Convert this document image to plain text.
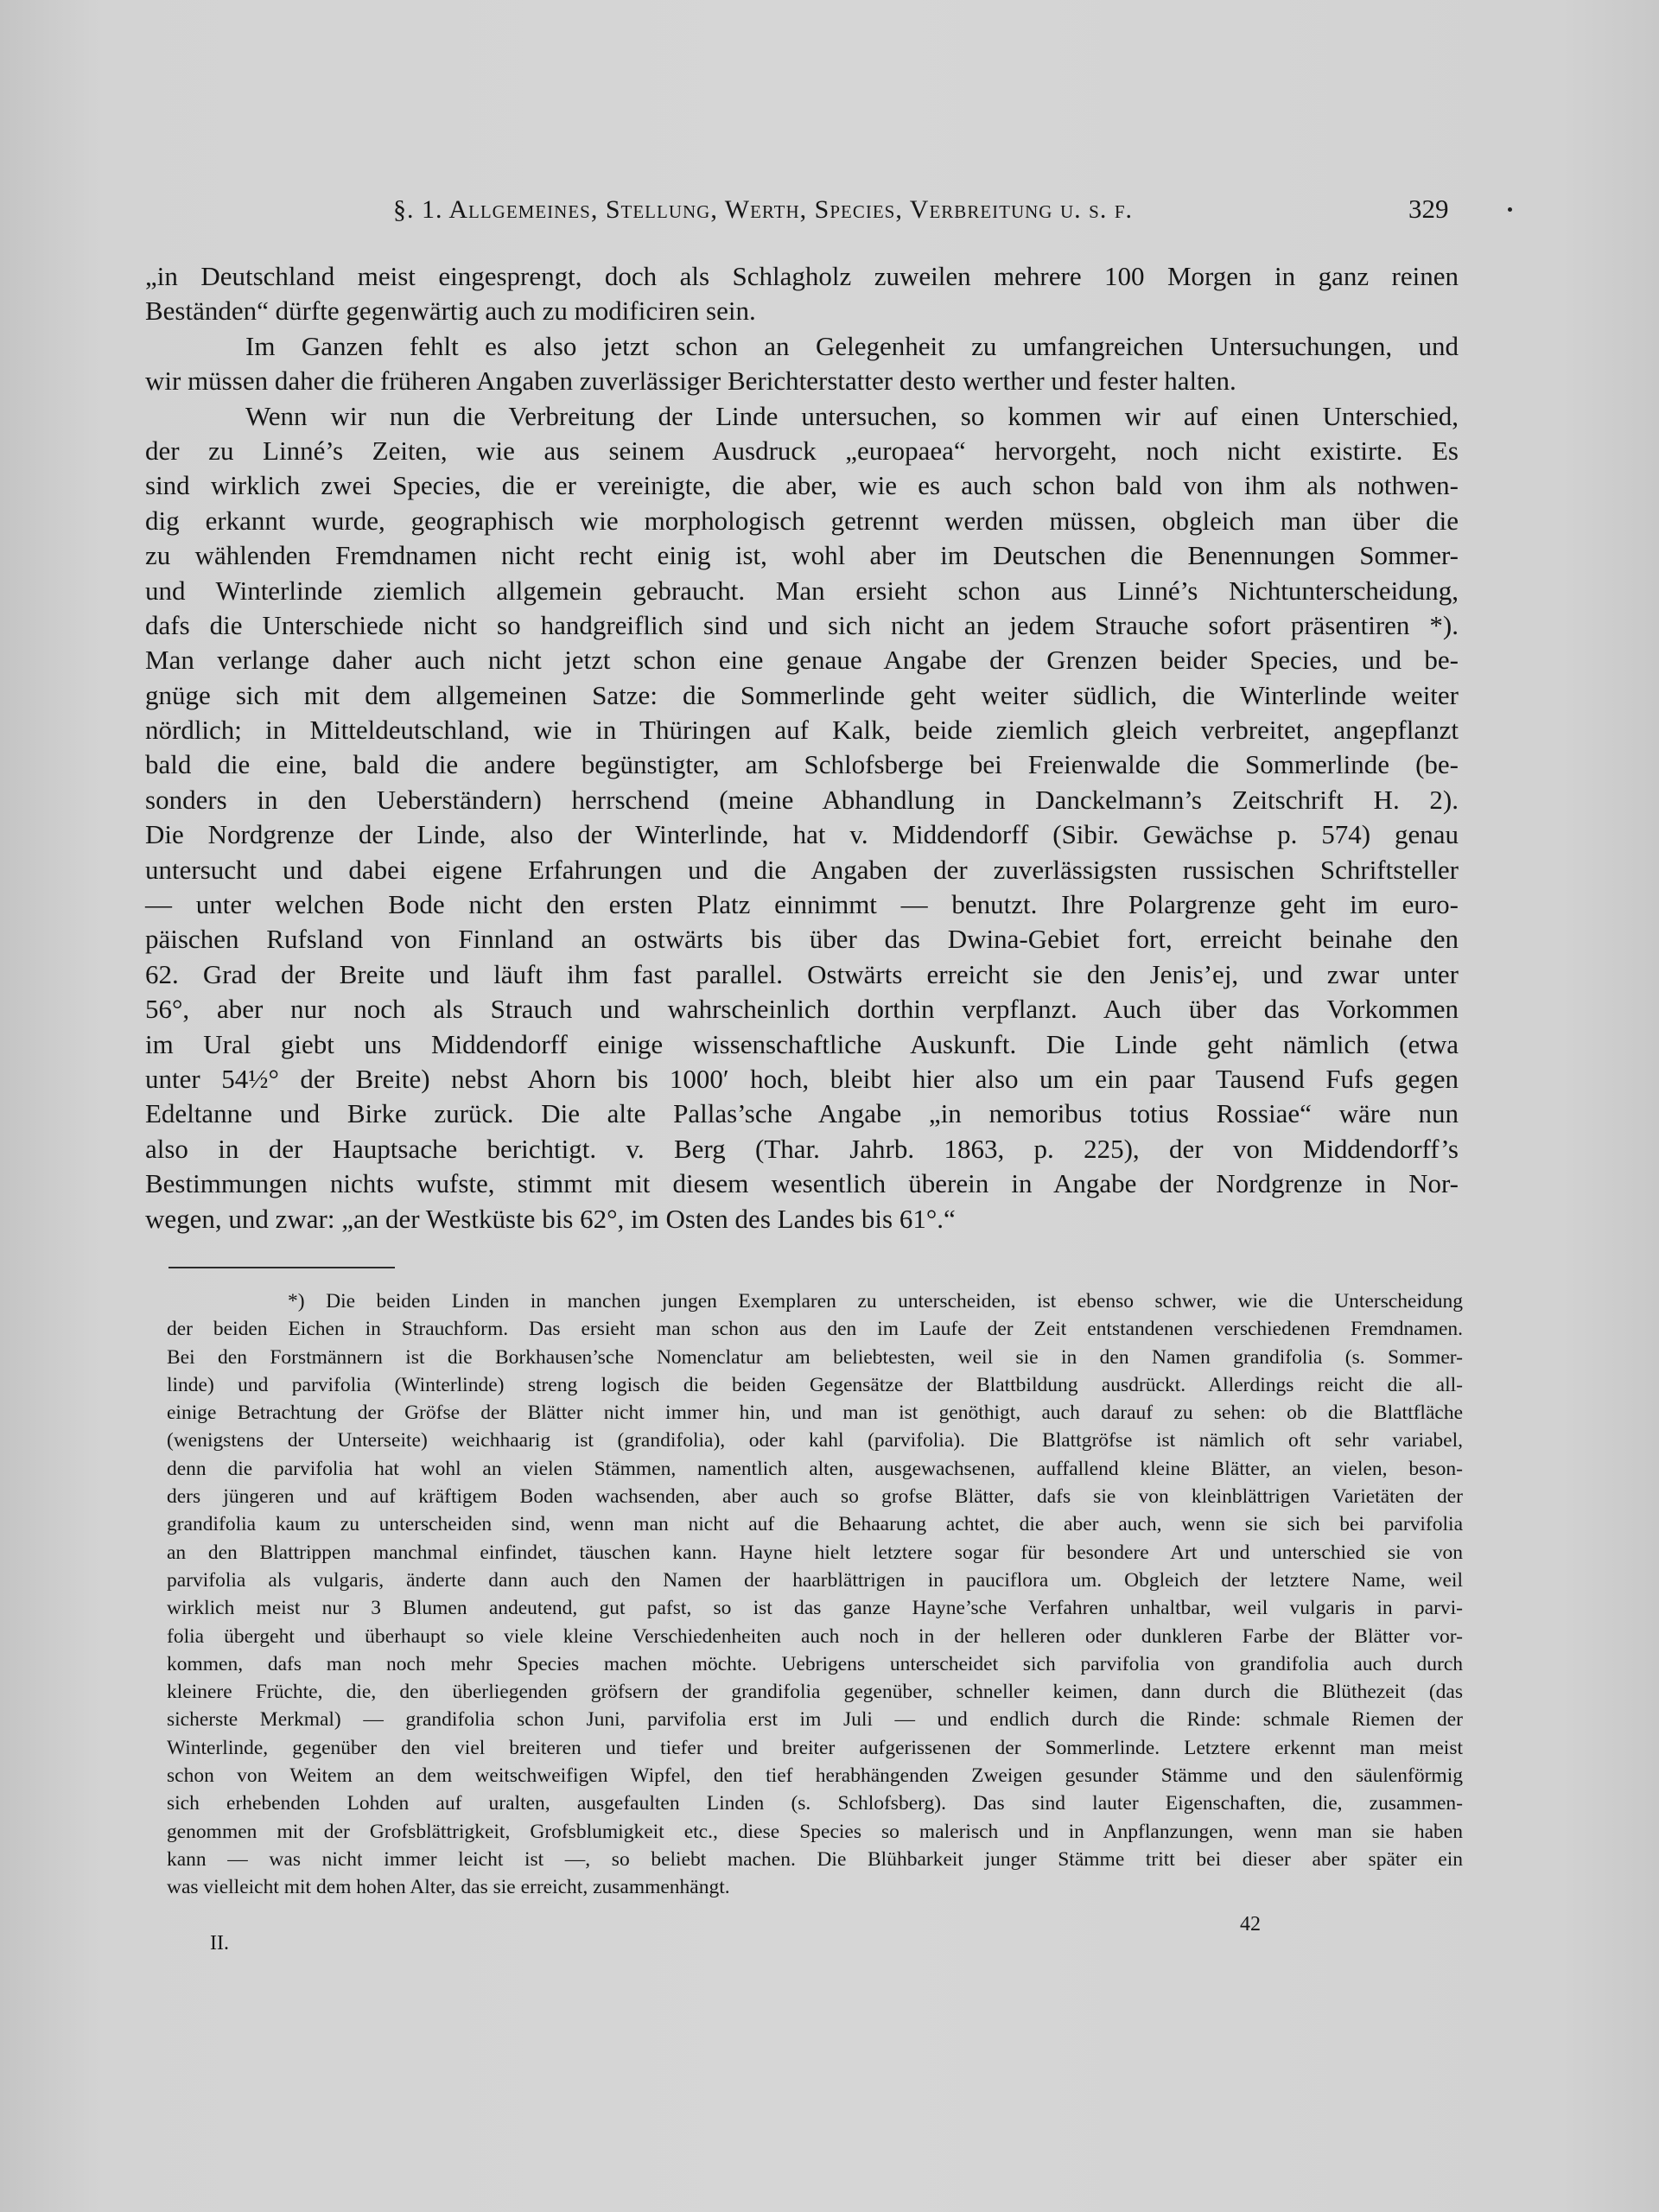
§. 1. Allgemeines, Stellung, Werth, Species, Verbreitung u. s. f.	329
„in Deutschland meist eingesprengt, doch als Schlagholz zuweilen mehrere 100 Morgen in ganz reinen
Beständen“ dürfte gegenwärtig auch zu modificiren sein.
Im Ganzen fehlt es also jetzt schon an Gelegenheit zu umfangreichen Untersuchungen, und
wir müssen daher die früheren Angaben zuverlässiger Berichterstatter desto werther und fester halten.
Wenn wir nun die Verbreitung der Linde untersuchen, so kommen wir auf einen Unterschied,
der zu Linné’s Zeiten, wie aus seinem Ausdruck „europaea“ hervorgeht, noch nicht existirte. Es
sind wirklich zwei Species, die er vereinigte, die aber, wie es auch schon bald von ihm als nothwen-
dig erkannt wurde, geographisch wie morphologisch getrennt werden müssen, obgleich man über die
zu wählenden Fremdnamen nicht recht einig ist, wohl aber im Deutschen die Benennungen Sommer-
und Winterlinde ziemlich allgemein gebraucht. Man ersieht schon aus Linné’s Nichtunterscheidung,
dafs die Unterschiede nicht so handgreiflich sind und sich nicht an jedem Strauche sofort präsentiren *).
Man verlange daher auch nicht jetzt schon eine genaue Angabe der Grenzen beider Species, und be-
gnüge sich mit dem allgemeinen Satze: die Sommerlinde geht weiter südlich, die Winterlinde weiter
nördlich; in Mitteldeutschland, wie in Thüringen auf Kalk, beide ziemlich gleich verbreitet, angepflanzt
bald die eine, bald die andere begünstigter, am Schlofsberge bei Freienwalde die Sommerlinde (be-
sonders in den Ueberständern) herrschend (meine Abhandlung in Danckelmann’s Zeitschrift H. 2).
Die Nordgrenze der Linde, also der Winterlinde, hat v. Middendorff (Sibir. Gewächse p. 574) genau
untersucht und dabei eigene Erfahrungen und die Angaben der zuverlässigsten russischen Schriftsteller
— unter welchen Bode nicht den ersten Platz einnimmt — benutzt. Ihre Polargrenze geht im euro-
päischen Rufsland von Finnland an ostwärts bis über das Dwina-Gebiet fort, erreicht beinahe den
62. Grad der Breite und läuft ihm fast parallel. Ostwärts erreicht sie den Jenis’ej, und zwar unter
56°, aber nur noch als Strauch und wahrscheinlich dorthin verpflanzt. Auch über das Vorkommen
im Ural giebt uns Middendorff einige wissenschaftliche Auskunft. Die Linde geht nämlich (etwa
unter 54½° der Breite) nebst Ahorn bis 1000′ hoch, bleibt hier also um ein paar Tausend Fufs gegen
Edeltanne und Birke zurück. Die alte Pallas’sche Angabe „in nemoribus totius Rossiae“ wäre nun
also in der Hauptsache berichtigt. v. Berg (Thar. Jahrb. 1863, p. 225), der von Middendorff’s
Bestimmungen nichts wufste, stimmt mit diesem wesentlich überein in Angabe der Nordgrenze in Nor-
wegen, und zwar: „an der Westküste bis 62°, im Osten des Landes bis 61°.“
*) Die beiden Linden in manchen jungen Exemplaren zu unterscheiden, ist ebenso schwer, wie die Unterscheidung
der beiden Eichen in Strauchform. Das ersieht man schon aus den im Laufe der Zeit entstandenen verschiedenen Fremdnamen.
Bei den Forstmännern ist die Borkhausen’sche Nomenclatur am beliebtesten, weil sie in den Namen grandifolia (s. Sommer-
linde) und parvifolia (Winterlinde) streng logisch die beiden Gegensätze der Blattbildung ausdrückt. Allerdings reicht die all-
einige Betrachtung der Gröfse der Blätter nicht immer hin, und man ist genöthigt, auch darauf zu sehen: ob die Blattfläche
(wenigstens der Unterseite) weichhaarig ist (grandifolia), oder kahl (parvifolia). Die Blattgröfse ist nämlich oft sehr variabel,
denn die parvifolia hat wohl an vielen Stämmen, namentlich alten, ausgewachsenen, auffallend kleine Blätter, an vielen, beson-
ders jüngeren und auf kräftigem Boden wachsenden, aber auch so grofse Blätter, dafs sie von kleinblättrigen Varietäten der
grandifolia kaum zu unterscheiden sind, wenn man nicht auf die Behaarung achtet, die aber auch, wenn sie sich bei parvifolia
an den Blattrippen manchmal einfindet, täuschen kann. Hayne hielt letztere sogar für besondere Art und unterschied sie von
parvifolia als vulgaris, änderte dann auch den Namen der haarblättrigen in pauciflora um. Obgleich der letztere Name, weil
wirklich meist nur 3 Blumen andeutend, gut pafst, so ist das ganze Hayne’sche Verfahren unhaltbar, weil vulgaris in parvi-
folia übergeht und überhaupt so viele kleine Verschiedenheiten auch noch in der helleren oder dunkleren Farbe der Blätter vor-
kommen, dafs man noch mehr Species machen möchte. Uebrigens unterscheidet sich parvifolia von grandifolia auch durch
kleinere Früchte, die, den überliegenden gröfsern der grandifolia gegenüber, schneller keimen, dann durch die Blüthezeit (das
sicherste Merkmal) — grandifolia schon Juni, parvifolia erst im Juli — und endlich durch die Rinde: schmale Riemen der
Winterlinde, gegenüber den viel breiteren und tiefer und breiter aufgerissenen der Sommerlinde. Letztere erkennt man meist
schon von Weitem an dem weitschweifigen Wipfel, den tief herabhängenden Zweigen gesunder Stämme und den säulenförmig
sich erhebenden Lohden auf uralten, ausgefaulten Linden (s. Schlofsberg). Das sind lauter Eigenschaften, die, zusammen-
genommen mit der Grofsblättrigkeit, Grofsblumigkeit etc., diese Species so malerisch und in Anpflanzungen, wenn man sie haben
kann — was nicht immer leicht ist —, so beliebt machen. Die Blühbarkeit junger Stämme tritt bei dieser aber später ein
was vielleicht mit dem hohen Alter, das sie erreicht, zusammenhängt.
42
II.
